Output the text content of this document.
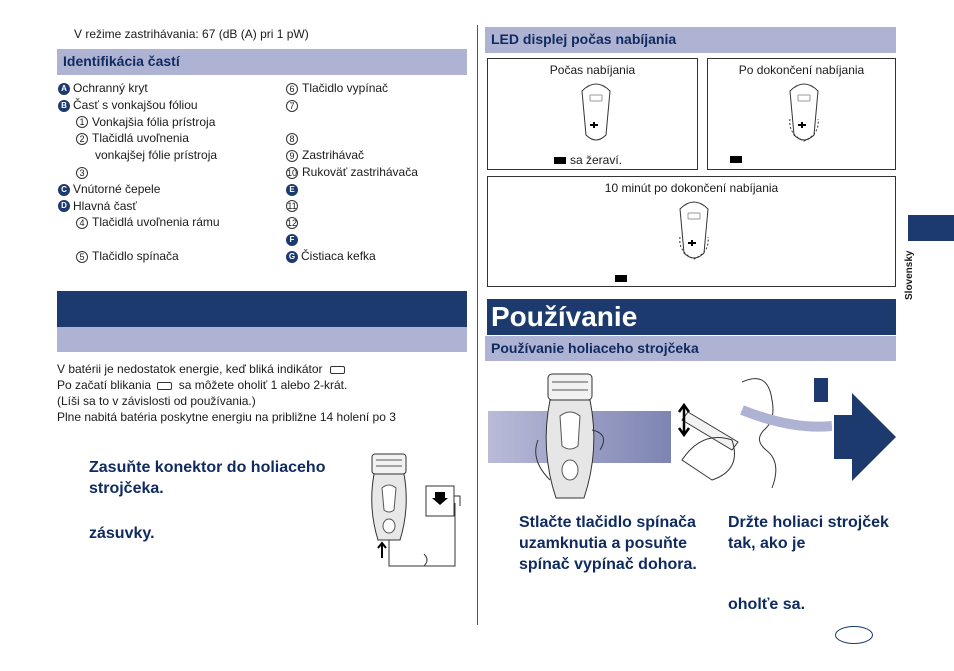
V režime zastrihávania: 67 (dB (A) pri 1 pW)
Identifikácia častí
A Ochranný kryt
B Časť s vonkajšou fóliou
1 Vonkajšia fólia prístroja
2 Tlačidlá uvoľnenia
vonkajšej fólie prístroja
3
C Vnútorné čepele
D Hlavná časť
4 Tlačidlá uvoľnenia rámu
5 Tlačidlo spínača
6 Tlačidlo vypínač
7
8
9 Zastrihávač
10 Rukoväť zastrihávača
E
11
12
F
G Čistiaca kefka
V batérii je nedostatok energie, keď bliká indikátor
Po začatí blikania sa môžete oholiť 1 alebo 2-krát.
(Líši sa to v závislosti od používania.)
Plne nabitá batéria poskytne energiu na približne 14 holení po 3
Zasuňte konektor do holiaceho strojčeka.
zásuvky.
LED displej počas nabíjania
Počas nabíjania
sa žeraví.
Po dokončení nabíjania
10 minút po dokončení nabíjania
Používanie
Používanie holiaceho strojčeka
Stlačte tlačidlo spínača uzamknutia a posuňte spínač vypínač dohora.
Držte holiaci strojček tak, ako je
oholťe sa.
Slovensky
